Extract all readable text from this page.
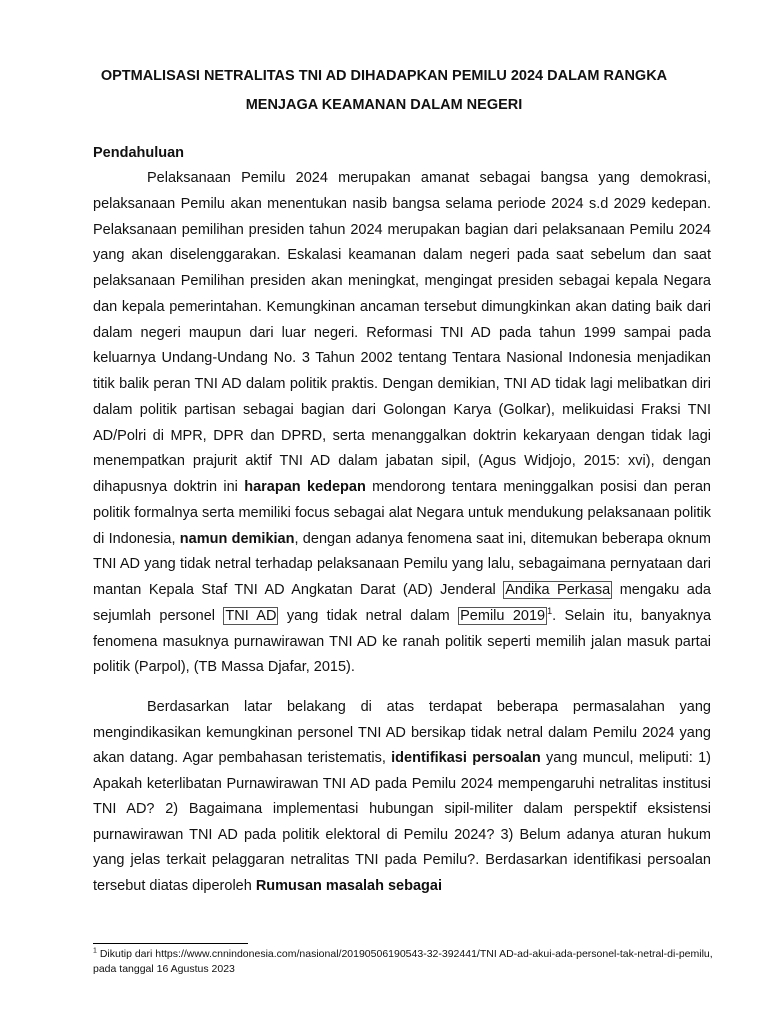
OPTMALISASI NETRALITAS TNI AD DIHADAPKAN PEMILU 2024 DALAM RANGKA
MENJAGA KEAMANAN DALAM NEGERI
Pendahuluan

Pelaksanaan Pemilu 2024 merupakan amanat sebagai bangsa yang demokrasi, pelaksanaan Pemilu akan menentukan nasib bangsa selama periode 2024 s.d 2029 kedepan. Pelaksanaan pemilihan presiden tahun 2024 merupakan bagian dari pelaksanaan Pemilu 2024 yang akan diselenggarakan. Eskalasi keamanan dalam negeri pada saat sebelum dan saat pelaksanaan Pemilihan presiden akan meningkat, mengingat presiden sebagai kepala Negara dan kepala pemerintahan. Kemungkinan ancaman tersebut dimungkinkan akan dating baik dari dalam negeri maupun dari luar negeri. Reformasi TNI AD pada tahun 1999 sampai pada keluarnya Undang-Undang No. 3 Tahun 2002 tentang Tentara Nasional Indonesia menjadikan titik balik peran TNI AD dalam politik praktis. Dengan demikian, TNI AD tidak lagi melibatkan diri dalam politik partisan sebagai bagian dari Golongan Karya (Golkar), melikuidasi Fraksi TNI AD/Polri di MPR, DPR dan DPRD, serta menanggalkan doktrin kekaryaan dengan tidak lagi menempatkan prajurit aktif TNI AD dalam jabatan sipil, (Agus Widjojo, 2015: xvi), dengan dihapusnya doktrin ini harapan kedepan mendorong tentara meninggalkan posisi dan peran politik formalnya serta memiliki focus sebagai alat Negara untuk mendukung pelaksanaan politik di Indonesia, namun demikian, dengan adanya fenomena saat ini, ditemukan beberapa oknum TNI AD yang tidak netral terhadap pelaksanaan Pemilu yang lalu, sebagaimana pernyataan dari mantan Kepala Staf TNI AD Angkatan Darat (AD) Jenderal Andika Perkasa mengaku ada sejumlah personel TNI AD yang tidak netral dalam Pemilu 2019 $^1$. Selain itu, banyaknya fenomena masuknya purnawirawan TNI AD ke ranah politik seperti memilih jalan masuk partai politik (Parpol), (TB Massa Djafar, 2015).

Berdasarkan latar belakang di atas terdapat beberapa permasalahan yang mengindikasikan kemungkinan personel TNI AD bersikap tidak netral dalam Pemilu 2024 yang akan datang. Agar pembahasan teristematis, identifikasi persoalan yang muncul, meliputi: 1) Apakah keterlibatan Purnawirawan TNI AD pada Pemilu 2024 mempengaruhi netralitas institusi TNI AD? 2) Bagaimana implementasi hubungan sipil-militer dalam perspektif eksistensi purnawirawan TNI AD pada politik elektoral di Pemilu 2024? 3) Belum adanya aturan hukum yang jelas terkait pelaggaran netralitas TNI pada Pemilu?. Berdasarkan identifikasi persoalan tersebut diatas diperoleh Rumusan masalah sebagai

$^1$ Dikutip dari https://www.cnnindonesia.com/nasional/20190506190543-32-392441/TNI AD-ad-akui-ada-personel-tak-netral-di-pemilu, pada tanggal 16 Agustus 2023
